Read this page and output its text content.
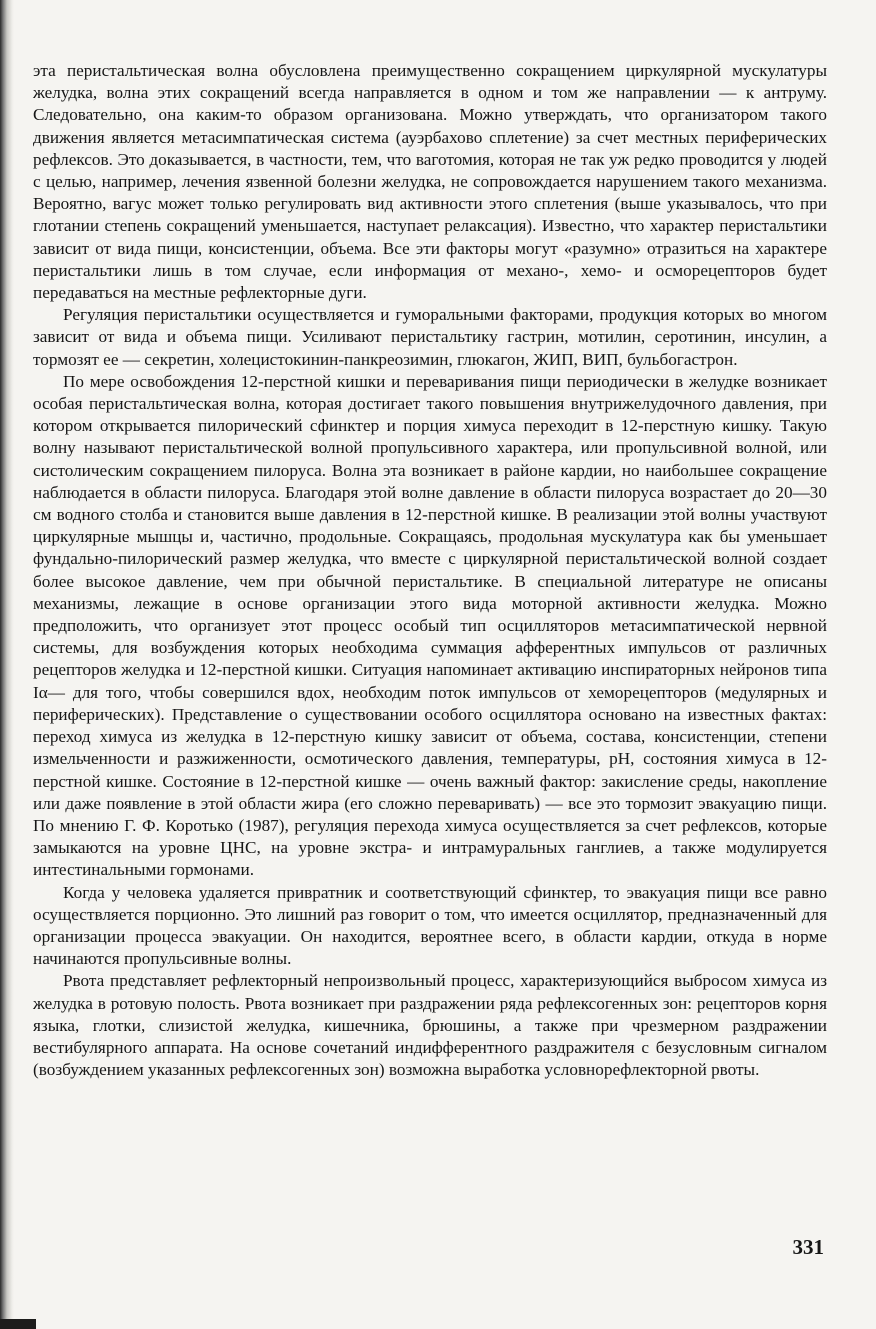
эта перистальтическая волна обусловлена преимущественно сокращением циркулярной мускулатуры желудка, волна этих сокращений всегда направляется в одном и том же направлении — к антруму. Следовательно, она каким-то образом организована. Можно утверждать, что организатором такого движения является метасимпатическая система (ауэрбахово сплетение) за счет местных периферических рефлексов. Это доказывается, в частности, тем, что ваготомия, которая не так уж редко проводится у людей с целью, например, лечения язвенной болезни желудка, не сопровождается нарушением такого механизма. Вероятно, вагус может только регулировать вид активности этого сплетения (выше указывалось, что при глотании степень сокращений уменьшается, наступает релаксация). Известно, что характер перистальтики зависит от вида пищи, консистенции, объема. Все эти факторы могут «разумно» отразиться на характере перистальтики лишь в том случае, если информация от механо-, хемо- и осморецепторов будет передаваться на местные рефлекторные дуги.

Регуляция перистальтики осуществляется и гуморальными факторами, продукция которых во многом зависит от вида и объема пищи. Усиливают перистальтику гастрин, мотилин, серотинин, инсулин, а тормозят ее — секретин, холецистокинин-панкреозимин, глюкагон, ЖИП, ВИП, бульбогастрон.

По мере освобождения 12-перстной кишки и переваривания пищи периодически в желудке возникает особая перистальтическая волна, которая достигает такого повышения внутрижелудочного давления, при котором открывается пилорический сфинктер и порция химуса переходит в 12-перстную кишку. Такую волну называют перистальтической волной пропульсивного характера, или пропульсивной волной, или систолическим сокращением пилоруса. Волна эта возникает в районе кардии, но наибольшее сокращение наблюдается в области пилоруса. Благодаря этой волне давление в области пилоруса возрастает до 20—30 см водного столба и становится выше давления в 12-перстной кишке. В реализации этой волны участвуют циркулярные мышцы и, частично, продольные. Сокращаясь, продольная мускулатура как бы уменьшает фундально-пилорический размер желудка, что вместе с циркулярной перистальтической волной создает более высокое давление, чем при обычной перистальтике. В специальной литературе не описаны механизмы, лежащие в основе организации этого вида моторной активности желудка. Можно предположить, что организует этот процесс особый тип осцилляторов метасимпатической нервной системы, для возбуждения которых необходима суммация афферентных импульсов от различных рецепторов желудка и 12-перстной кишки. Ситуация напоминает активацию инспираторных нейронов типа Iα— для того, чтобы совершился вдох, необходим поток импульсов от хеморецепторов (медулярных и периферических). Представление о существовании особого осциллятора основано на известных фактах: переход химуса из желудка в 12-перстную кишку зависит от объема, состава, консистенции, степени измельченности и разжиженности, осмотического давления, температуры, pH, состояния химуса в 12-перстной кишке. Состояние в 12-перстной кишке — очень важный фактор: закисление среды, накопление или даже появление в этой области жира (его сложно переваривать) — все это тормозит эвакуацию пищи. По мнению Г. Ф. Коротько (1987), регуляция перехода химуса осуществляется за счет рефлексов, которые замыкаются на уровне ЦНС, на уровне экстра- и интрамуральных ганглиев, а также модулируется интестинальными гормонами.

Когда у человека удаляется привратник и соответствующий сфинктер, то эвакуация пищи все равно осуществляется порционно. Это лишний раз говорит о том, что имеется осциллятор, предназначенный для организации процесса эвакуации. Он находится, вероятнее всего, в области кардии, откуда в норме начинаются пропульсивные волны.

Рвота представляет рефлекторный непроизвольный процесс, характеризующийся выбросом химуса из желудка в ротовую полость. Рвота возникает при раздражении ряда рефлексогенных зон: рецепторов корня языка, глотки, слизистой желудка, кишечника, брюшины, а также при чрезмерном раздражении вестибулярного аппарата. На основе сочетаний индифферентного раздражителя с безусловным сигналом (возбуждением указанных рефлексогенных зон) возможна выработка условнорефлекторной рвоты.

331
